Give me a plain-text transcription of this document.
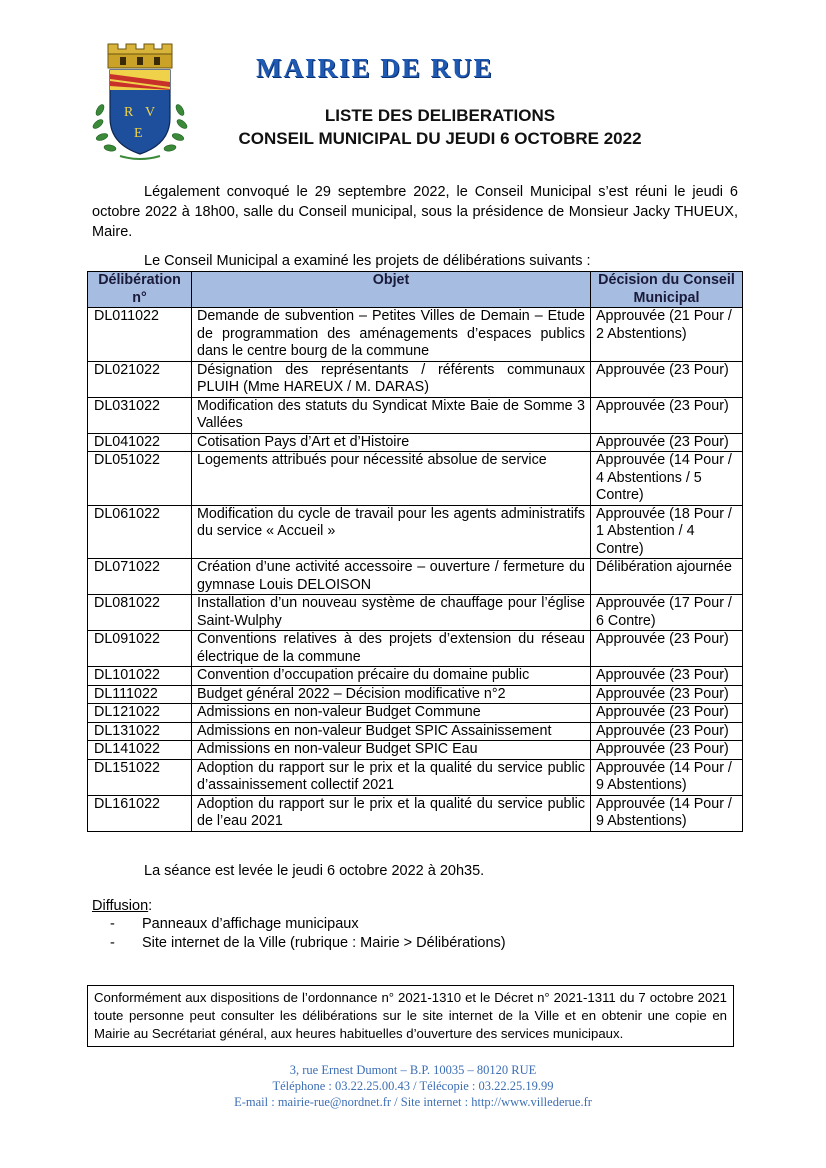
R V
E
MAIRIE DE RUE
LISTE DES DELIBERATIONS
CONSEIL MUNICIPAL DU JEUDI 6 OCTOBRE 2022

Légalement convoqué le 29 septembre 2022, le Conseil Municipal s’est réuni le jeudi 6 octobre 2022 à 18h00, salle du Conseil municipal, sous la présidence de Monsieur Jacky THUEUX, Maire.

Le Conseil Municipal a examiné les projets de délibérations suivants :

Délibération n°	Objet	Décision du Conseil Municipal
DL011022	Demande de subvention – Petites Villes de Demain – Etude de programmation des aménagements d’espaces publics dans le centre bourg de la commune	Approuvée (21 Pour / 2 Abstentions)
DL021022	Désignation des représentants / référents communaux PLUIH (Mme HAREUX / M. DARAS)	Approuvée (23 Pour)
DL031022	Modification des statuts du Syndicat Mixte Baie de Somme 3 Vallées	Approuvée (23 Pour)
DL041022	Cotisation Pays d’Art et d’Histoire	Approuvée (23 Pour)
DL051022	Logements attribués pour nécessité absolue de service	Approuvée (14 Pour / 4 Abstentions / 5 Contre)
DL061022	Modification du cycle de travail pour les agents administratifs du service « Accueil »	Approuvée (18 Pour / 1 Abstention / 4 Contre)
DL071022	Création d’une activité accessoire – ouverture / fermeture du gymnase Louis DELOISON	Délibération ajournée
DL081022	Installation d’un nouveau système de chauffage pour l’église Saint-Wulphy	Approuvée (17 Pour / 6 Contre)
DL091022	Conventions relatives à des projets d’extension du réseau électrique de la commune	Approuvée (23 Pour)
DL101022	Convention d’occupation précaire du domaine public	Approuvée (23 Pour)
DL111022	Budget général 2022 – Décision modificative n°2	Approuvée (23 Pour)
DL121022	Admissions en non-valeur Budget Commune	Approuvée (23 Pour)
DL131022	Admissions en non-valeur Budget SPIC Assainissement	Approuvée (23 Pour)
DL141022	Admissions en non-valeur Budget SPIC Eau	Approuvée (23 Pour)
DL151022	Adoption du rapport sur le prix et la qualité du service public d’assainissement collectif 2021	Approuvée (14 Pour / 9 Abstentions)
DL161022	Adoption du rapport sur le prix et la qualité du service public de l’eau 2021	Approuvée (14 Pour / 9 Abstentions)

La séance est levée le jeudi 6 octobre 2022 à 20h35.

Diffusion:

- Panneaux d’affichage municipaux
- Site internet de la Ville (rubrique : Mairie > Délibérations)
Conformément aux dispositions de l’ordonnance n° 2021-1310 et le Décret n° 2021-1311 du 7 octobre 2021 toute personne peut consulter les délibérations sur le site internet de la Ville et en obtenir une copie en Mairie au Secrétariat général, aux heures habituelles d’ouverture des services municipaux.

3, rue Ernest Dumont – B.P. 10035 – 80120 RUE

Téléphone : 03.22.25.00.43 / Télécopie : 03.22.25.19.99

E-mail : mairie-rue@nordnet.fr / Site internet : http://www.villederue.fr
